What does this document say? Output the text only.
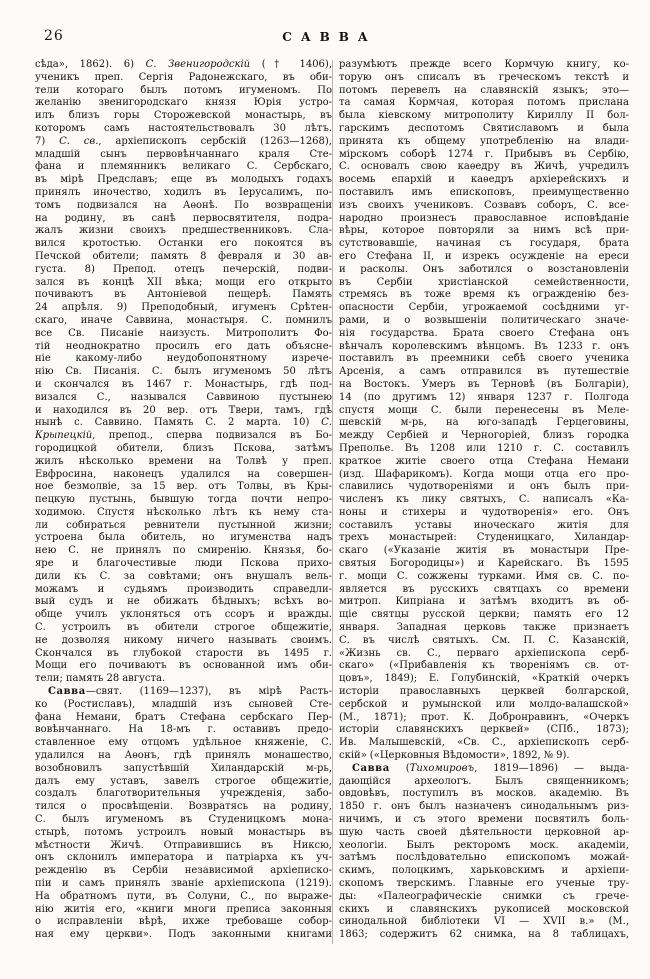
26	САВВА
сѣда», 1862). 6) С. Звенигородскій († 1406),
ученикъ преп. Сергія Радонежскаго, въ оби-
тели котораго былъ потомъ игуменомъ. По
желанію звенигородскаго князя Юрія устро-
илъ близъ горы Сторожевской монастырь, въ
которомъ самъ настоятельствовалъ 30 лѣтъ.
7) С. св., архіепископъ сербскій (1263—1268),
младшій сынъ первовѣнчаннаго краля Сте-
фана и племянникъ великаго С. Сербскаго,
въ мірѣ Предславъ; еще въ молодыхъ годахъ
принялъ иночество, ходилъ въ Іерусалимъ, по-
томъ подвизался на Аѳонѣ. По возвращеніи
на родину, въ санѣ первосвятителя, подра-
жалъ жизни своихъ предшественниковъ. Сла-
вился кротостью. Останки его покоятся въ
Печской обители; память 8 февраля и 30 ав-
густа. 8) Препод. отецъ печерскій, подви-
зался въ концѣ XII вѣка; мощи его открыто
почиваютъ въ Антоніевой пещерѣ. Память
24 апрѣля. 9) Преподобный, игуменъ Срѣтен-
скаго, иначе Саввина, монастыря. С. помнилъ
все Св. Писаніе наизусть. Митрополитъ Фо-
тій неоднократно просилъ его дать объясне-
ніе какому-либо неудобопонятному изрече-
нію Св. Писанія. С. былъ игуменомъ 50 лѣтъ
и скончался въ 1467 г. Монастырь, гдѣ под-
визался С., назывался Саввиною пустынею
и находился въ 20 вер. отъ Твери, тамъ, гдѣ
нынѣ с. Саввино. Память С. 2 марта. 10) С.
Крыпецкій, препод., сперва подвизался въ Бо-
городицкой обители, близъ Пскова, затѣмъ
жилъ нѣсколько времени на Толвѣ у преп.
Евфросина, наконецъ удалился на совершен-
ное безмолвіе, за 15 вер. отъ Толвы, въ Кры-
пецкую пустынь, бывшую тогда почти непро-
ходимою. Спустя нѣсколько лѣтъ къ нему ста-
ли собираться ревнители пустынной жизни;
устроена была обитель, но игуменства надъ
нею С. не принялъ по смиренію. Князья, бо-
яре и благочестивые люди Пскова прихо-
дили къ С. за совѣтами; онъ внушалъ вель-
можамъ и судьямъ производить справедли-
вый судъ и не обижать бѣдныхъ; всѣхъ во-
обще училъ уклоняться отъ ссоръ и вражды.
С. устроилъ въ обители строгое общежитіе,
не дозволяя никому ничего называть своимъ.
Скончался въ глубокой старости въ 1495 г.
Мощи его почиваютъ въ основанной имъ оби-
тели; память 28 августа.
Савва—свят. (1169—1237), въ мірѣ Расть-
ко (Ростиславъ), младшій изъ сыновей Сте-
фана Немани, братъ Стефана сербскаго Пер-
вовѣнчаннаго. На 18-мъ г. оставивъ предо-
ставленное ему отцомъ удѣльное княженіе, С.
удалился на Аѳонъ, гдѣ принялъ монашество,
возобновилъ запустѣвшій Хиландарскій м-рь,
далъ ему уставъ, завелъ строгое общежитіе,
создалъ благотворительныя учрежденія, забо-
тился о просвѣщеніи. Возвратясь на родину,
С. былъ игуменомъ въ Студеницкомъ мона-
стырѣ, потомъ устроилъ новый монастырь въ
мѣстности Жичѣ. Отправившись въ Никсю,
онъ склонилъ императора и патріарха къ уч-
режденію въ Сербіи независимой архіеписко-
піи и самъ принялъ званіе архіепископа (1219).
На обратномъ пути, въ Солуни, С., по выраже-
нію житія его, «книги многи преписа законныя
о исправленіи вѣрѣ, ихже требоваше собор-
ная ему церкви». Подъ законными книгами
разумѣютъ прежде всего Кормчую книгу, ко-
торую онъ списалъ въ греческомъ текстѣ и
потомъ перевелъ на славянскій языкъ; это—
та самая Кормчая, которая потомъ прислана
была кіевскому митрополиту Кириллу II бол-
гарскимъ деспотомъ Святиславомъ и была
принята къ общему употребленію на влади-
мірскомъ соборѣ 1274 г. Прибывъ въ Сербію,
С. основалъ свою каѳедру въ Жичѣ, учредилъ
восемь епархій и каѳедръ архіерейскихъ и
поставилъ имъ епископовъ, преимущественно
изъ своихъ учениковъ. Созвавъ соборъ, С. все-
народно произнесъ православное исповѣданіе
вѣры, которое повторяли за нимъ всѣ при-
сутствовавшіе, начиная съ государя, брата
его Стефана II, и изрекъ осужденіе на ереси
и расколы. Онъ заботился о возстановленіи
въ Сербіи христіанской семейственности,
стремясь въ тоже время къ огражденію без-
опасности Сербіи, угрожаемой сосѣдними уг-
рами, и о возвышеніи политическаго значе-
нія государства. Брата своего Стефана онъ
вѣнчалъ королевскимъ вѣнцомъ. Въ 1233 г. онъ
поставилъ въ преемники себѣ своего ученика
Арсенія, а самъ отправился въ путешествіе
на Востокъ. Умеръ въ Терновѣ (въ Болгаріи),
14 (по другимъ 12) января 1237 г. Полгода
спустя мощи С. были перенесены въ Меле-
шевскій м-рь, на юго-западѣ Герцеговины,
между Сербіей и Черногоріей, близъ городка
Преполье. Въ 1208 или 1210 г. С. составилъ
краткое житіе своего отца Стефана Немани
(изд. Шафарикомъ). Когда мощи отца его про-
славились чудотвореніями и онъ былъ при-
численъ къ лику святыхъ, С. написалъ «Ка-
ноны и стихеры и чудотворенія» его. Онъ
составилъ уставы иноческаго житія для
трехъ монастырей: Студеницкаго, Хиландар-
скаго («Указаніе житія въ монастыри Пре-
святыя Богородицы») и Карейскаго. Въ 1595
г. мощи С. сожжены турками. Имя св. С. по-
является въ русскихъ святцахъ со времени
митроп. Кипріана и затѣмъ входитъ въ об-
щіе святцы русской церкви; память его 12
января. Западная церковь также признаетъ
С. въ числѣ святыхъ. См. П. С. Казанскій,
«Жизнь св. С., перваго архіепископа серб-
скаго» («Прибавленія къ твореніямъ св. от-
цовъ», 1849); Е. Голубинскій, «Краткій очеркъ
исторіи православныхъ церквей болгарской,
сербской и румынской или молдо-валашской»
(М., 1871); прот. К. Добронравинъ, «Очеркъ
исторіи славянскихъ церквей» (СПб., 1873);
Ив. Малышевскій, «Св. С., архіепископъ серб-
скій» («Церковныя Вѣдомости», 1892, № 9).
Савва (Тихомировъ, 1819—1896) — выда-
дающійся археологъ. Былъ священникомъ;
овдовѣвъ, поступилъ въ москов. академію. Въ
1850 г. онъ былъ назначенъ синодальнымъ риз-
ничимъ, и съ этого времени посвятилъ боль-
шую часть своей дѣятельности церковной ар-
хеологіи. Былъ ректоромъ моск. академіи,
затѣмъ послѣдовательно епископомъ можай-
скимъ, полоцкимъ, харьковскимъ и архіепи-
скопомъ тверскимъ. Главные его ученые тру-
ды: «Палеографическіе снимки съ грече-
скихъ и славянскихъ рукописей московской
синодальной библіотеки VI — XVII в.» (М.,
1863; содержитъ 62 снимка, на 8 таблицахъ,
